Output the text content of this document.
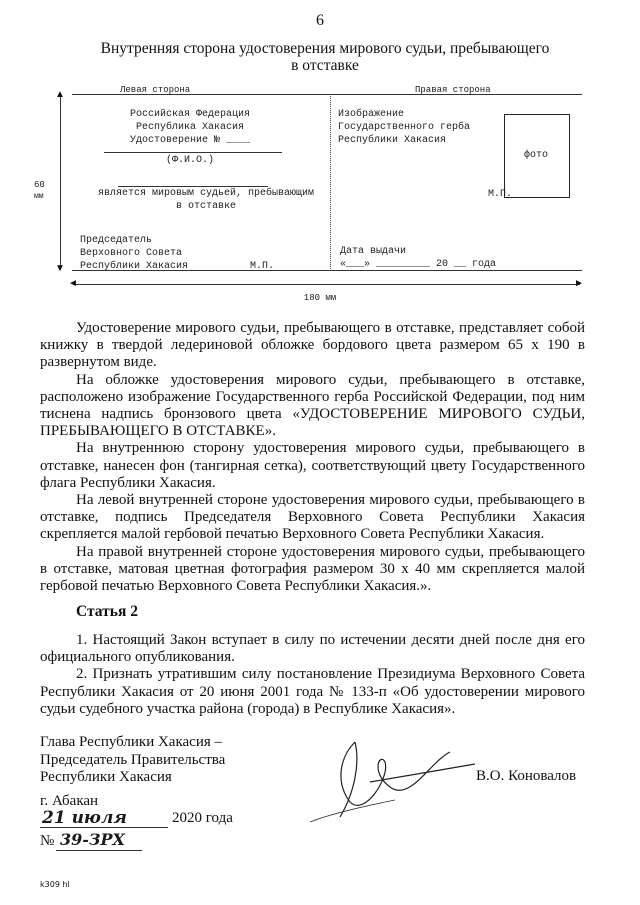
6
Внутренняя сторона удостоверения мирового судьи, пребывающего
в отставке
Левая сторона	Правая сторона
▲
▼
60
мм
Российская Федерация
Республика Хакасия
Удостоверение № ____
(Ф.И.О.)
является мировым судьей, пребывающим
в отставке
Председатель
Верховного Совета
Республики Хакасия	М.П.
Изображение
Государственного герба
Республики Хакасия
фото
М.П.
Дата выдачи
«___» _________ 20 __ года
◄	►
180 мм

Удостоверение мирового судьи, пребывающего в отставке, представляет собой книжку в твердой ледериновой обложке бордового цвета размером 65 х 190 в развернутом виде.

На обложке удостоверения мирового судьи, пребывающего в отставке, расположено изображение Государственного герба Российской Федерации, под ним тиснена надпись бронзового цвета «УДОСТОВЕРЕНИЕ МИРОВОГО СУДЬИ, ПРЕБЫВАЮЩЕГО В ОТСТАВКЕ».

На внутреннюю сторону удостоверения мирового судьи, пребывающего в отставке, нанесен фон (тангирная сетка), соответствующий цвету Государственного флага Республики Хакасия.

На левой внутренней стороне удостоверения мирового судьи, пребывающего в отставке, подпись Председателя Верховного Совета Республики Хакасия скрепляется малой гербовой печатью Верховного Совета Республики Хакасия.

На правой внутренней стороне удостоверения мирового судьи, пребывающего в отставке, матовая цветная фотография размером 30 х 40 мм скрепляется малой гербовой печатью Верховного Совета Республики Хакасия.».

Статья 2

1. Настоящий Закон вступает в силу по истечении десяти дней после дня его официального опубликования.

2. Признать утратившим силу постановление Президиума Верховного Совета Республики Хакасия от 20 июня 2001 года № 133-п «Об удостоверении мирового судьи судебного участка района (города) в Республике Хакасия».

Глава Республики Хакасия –
Председатель Правительства
Республики Хакасия	В.О. Коновалов
г. Абакан
21 июля	2020 года
№ 39-ЗРХ
k309 hl
